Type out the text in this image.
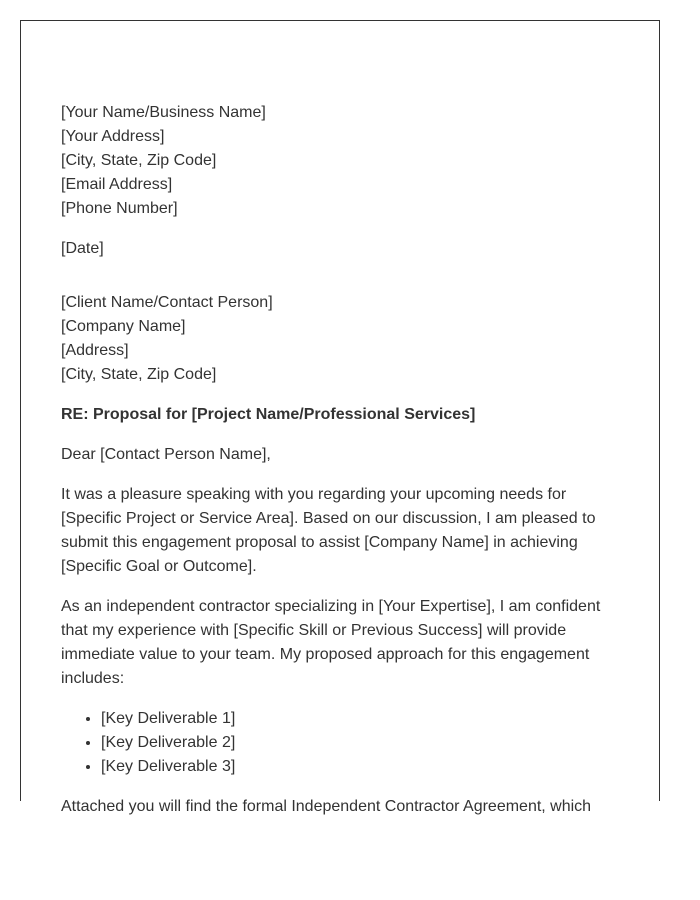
[Your Name/Business Name]
[Your Address]
[City, State, Zip Code]
[Email Address]
[Phone Number]
[Date]
[Client Name/Contact Person]
[Company Name]
[Address]
[City, State, Zip Code]
RE: Proposal for [Project Name/Professional Services]
Dear [Contact Person Name],

It was a pleasure speaking with you regarding your upcoming needs for [Specific Project or Service Area]. Based on our discussion, I am pleased to submit this engagement proposal to assist [Company Name] in achieving [Specific Goal or Outcome].

As an independent contractor specializing in [Your Expertise], I am confident that my experience with [Specific Skill or Previous Success] will provide immediate value to your team. My proposed approach for this engagement includes:

• [Key Deliverable 1]
• [Key Deliverable 2]
• [Key Deliverable 3]

Attached you will find the formal Independent Contractor Agreement, which
